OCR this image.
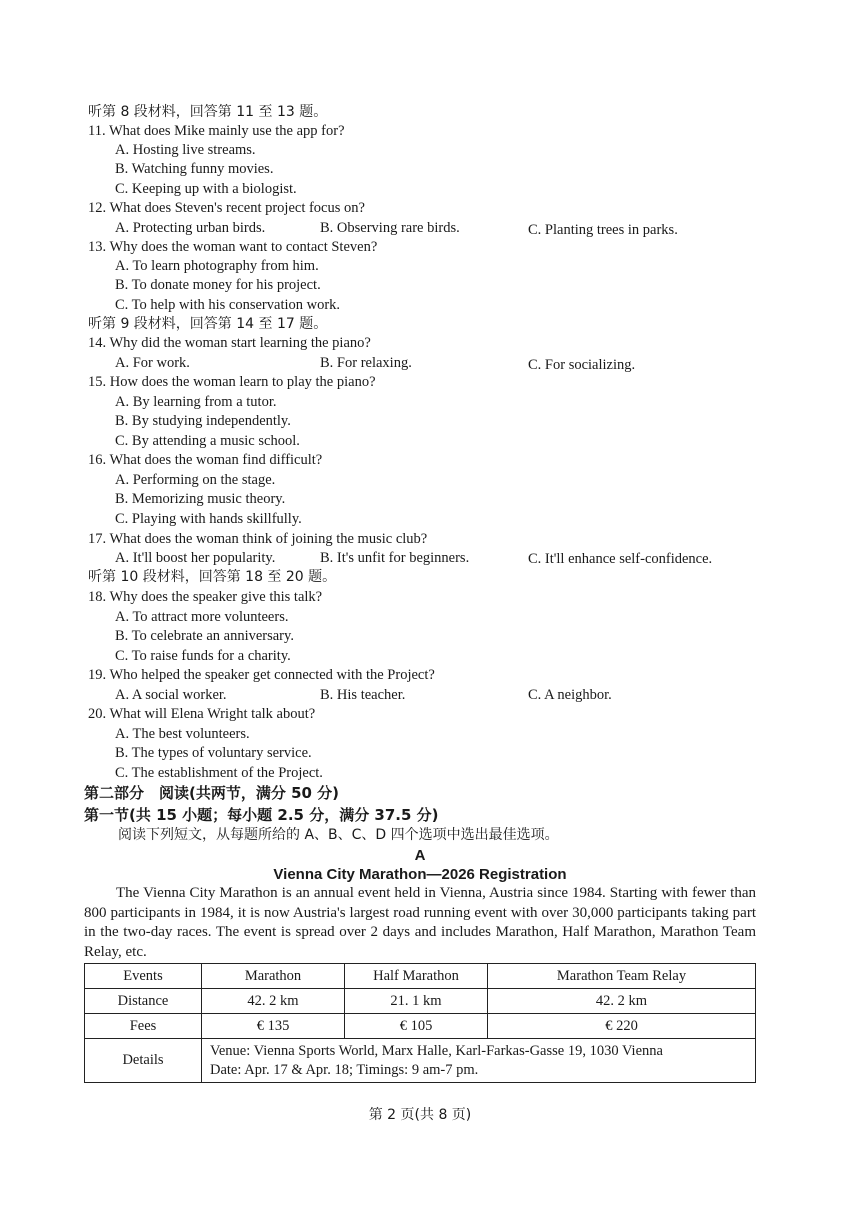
听第 8 段材料，回答第 11 至 13 题。
11. What does Mike mainly use the app for?
A. Hosting live streams.
B. Watching funny movies.
C. Keeping up with a biologist.
12. What does Steven's recent project focus on?
A. Protecting urban birds.	B. Observing rare birds.	C. Planting trees in parks.
13. Why does the woman want to contact Steven?
A. To learn photography from him.
B. To donate money for his project.
C. To help with his conservation work.
听第 9 段材料，回答第 14 至 17 题。
14. Why did the woman start learning the piano?
A. For work.	B. For relaxing.	C. For socializing.
15. How does the woman learn to play the piano?
A. By learning from a tutor.
B. By studying independently.
C. By attending a music school.
16. What does the woman find difficult?
A. Performing on the stage.
B. Memorizing music theory.
C. Playing with hands skillfully.
17. What does the woman think of joining the music club?
A. It'll boost her popularity.	B. It's unfit for beginners.	C. It'll enhance self-confidence.
听第 10 段材料，回答第 18 至 20 题。
18. Why does the speaker give this talk?
A. To attract more volunteers.
B. To celebrate an anniversary.
C. To raise funds for a charity.
19. Who helped the speaker get connected with the Project?
A. A social worker.	B. His teacher.	C. A neighbor.
20. What will Elena Wright talk about?
A. The best volunteers.
B. The types of voluntary service.
C. The establishment of the Project.
第二部分　阅读(共两节，满分 50 分)
第一节(共 15 小题；每小题 2.5 分，满分 37.5 分)
阅读下列短文，从每题所给的 A、B、C、D 四个选项中选出最佳选项。
A
Vienna City Marathon—2026 Registration
The Vienna City Marathon is an annual event held in Vienna, Austria since 1984. Starting with fewer than 800 participants in 1984, it is now Austria's largest road running event with over 30,000 participants taking part in the two-day races. The event is spread over 2 days and includes Marathon, Half Marathon, Marathon Team Relay, etc.
Events	Marathon	Half Marathon	Marathon Team Relay
Distance	42. 2 km	21. 1 km	42. 2 km
Fees	€ 135	€ 105	€ 220
Details	Venue: Vienna Sports World, Marx Halle, Karl-Farkas-Gasse 19, 1030 Vienna
Date: Apr. 17 & Apr. 18; Timings: 9 am-7 pm.		
第 2 页(共 8 页)
